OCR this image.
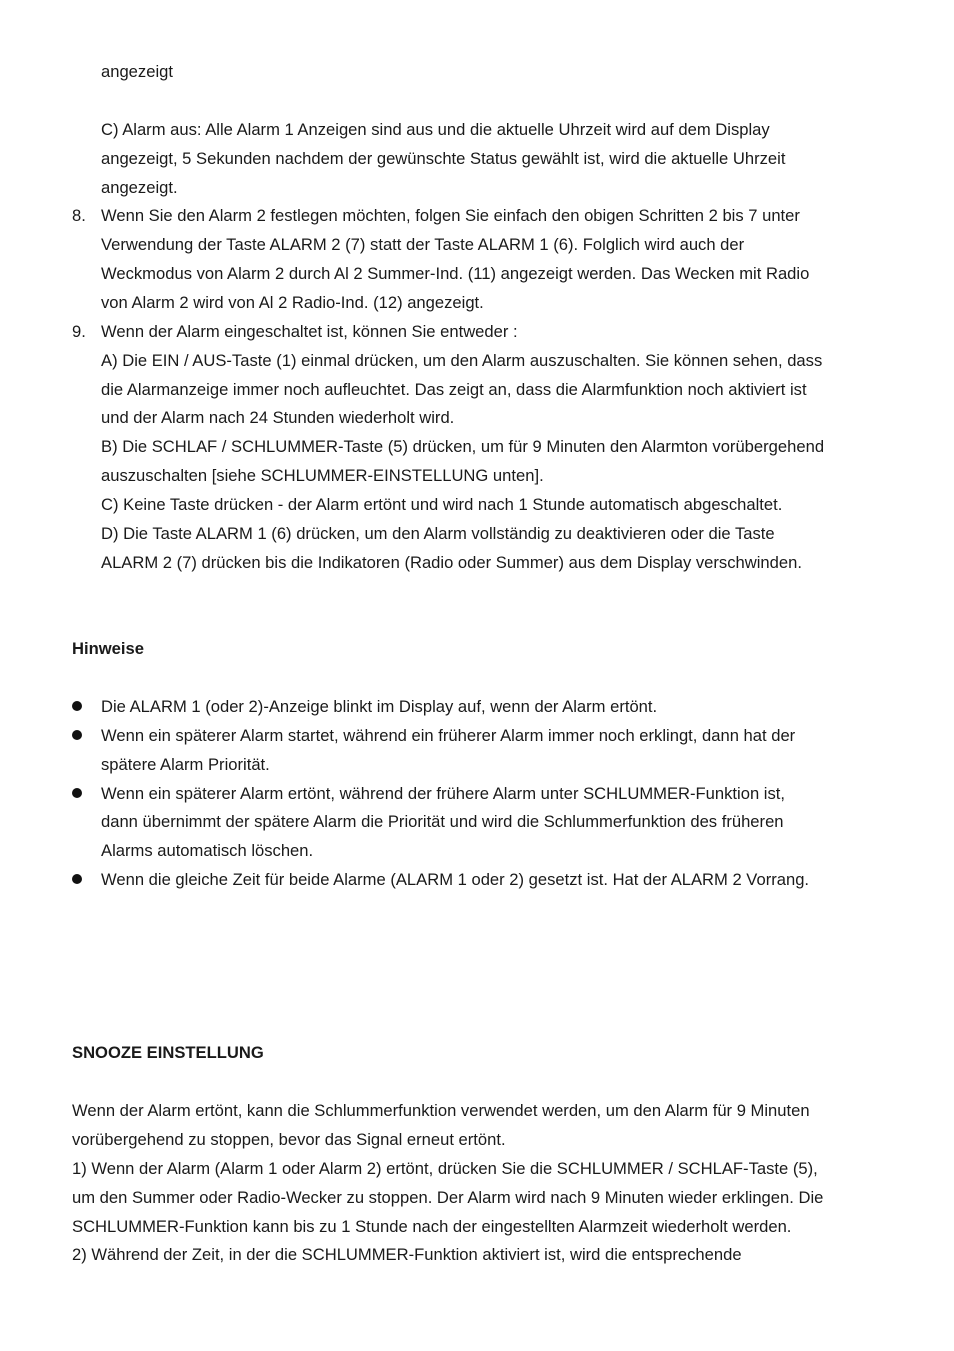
angezeigt
C) Alarm aus: Alle Alarm 1 Anzeigen sind aus und die aktuelle Uhrzeit wird auf dem Display
angezeigt, 5 Sekunden nachdem der gewünschte Status gewählt ist, wird die aktuelle Uhrzeit
angezeigt.
8. Wenn Sie den Alarm 2 festlegen möchten, folgen Sie einfach den obigen Schritten 2 bis 7 unter
Verwendung der Taste ALARM 2 (7) statt der Taste ALARM 1 (6). Folglich wird auch der
Weckmodus von Alarm 2 durch Al 2 Summer-Ind. (11) angezeigt werden. Das Wecken mit Radio
von Alarm 2 wird von Al 2 Radio-Ind. (12) angezeigt.
9. Wenn der Alarm eingeschaltet ist, können Sie entweder :
A) Die EIN / AUS-Taste (1) einmal drücken, um den Alarm auszuschalten. Sie können sehen, dass
die Alarmanzeige immer noch aufleuchtet. Das zeigt an, dass die Alarmfunktion noch aktiviert ist
und der Alarm nach 24 Stunden wiederholt wird.
B) Die SCHLAF / SCHLUMMER-Taste (5) drücken, um für 9 Minuten den Alarmton vorübergehend
auszuschalten [siehe SCHLUMMER-EINSTELLUNG unten].
C) Keine Taste drücken - der Alarm ertönt und wird nach 1 Stunde automatisch abgeschaltet.
D) Die Taste ALARM 1 (6) drücken, um den Alarm vollständig zu deaktivieren oder die Taste
ALARM 2 (7) drücken bis die Indikatoren (Radio oder Summer) aus dem Display verschwinden.
Hinweise
Die ALARM 1 (oder 2)-Anzeige blinkt im Display auf, wenn der Alarm ertönt.
Wenn ein späterer Alarm startet, während ein früherer Alarm immer noch erklingt, dann hat der
spätere Alarm Priorität.
Wenn ein späterer Alarm ertönt, während der frühere Alarm unter SCHLUMMER-Funktion ist,
dann übernimmt der spätere Alarm die Priorität und wird die Schlummerfunktion des früheren
Alarms automatisch löschen.
Wenn die gleiche Zeit für beide Alarme (ALARM 1 oder 2) gesetzt ist. Hat der ALARM 2 Vorrang.
SNOOZE EINSTELLUNG
Wenn der Alarm ertönt, kann die Schlummerfunktion verwendet werden, um den Alarm für 9 Minuten
vorübergehend zu stoppen, bevor das Signal erneut ertönt.
1) Wenn der Alarm (Alarm 1 oder Alarm 2) ertönt, drücken Sie die SCHLUMMER / SCHLAF-Taste (5),
um den Summer oder Radio-Wecker zu stoppen. Der Alarm wird nach 9 Minuten wieder erklingen. Die
SCHLUMMER-Funktion kann bis zu 1 Stunde nach der eingestellten Alarmzeit wiederholt werden.
2) Während der Zeit, in der die SCHLUMMER-Funktion aktiviert ist, wird die entsprechende
